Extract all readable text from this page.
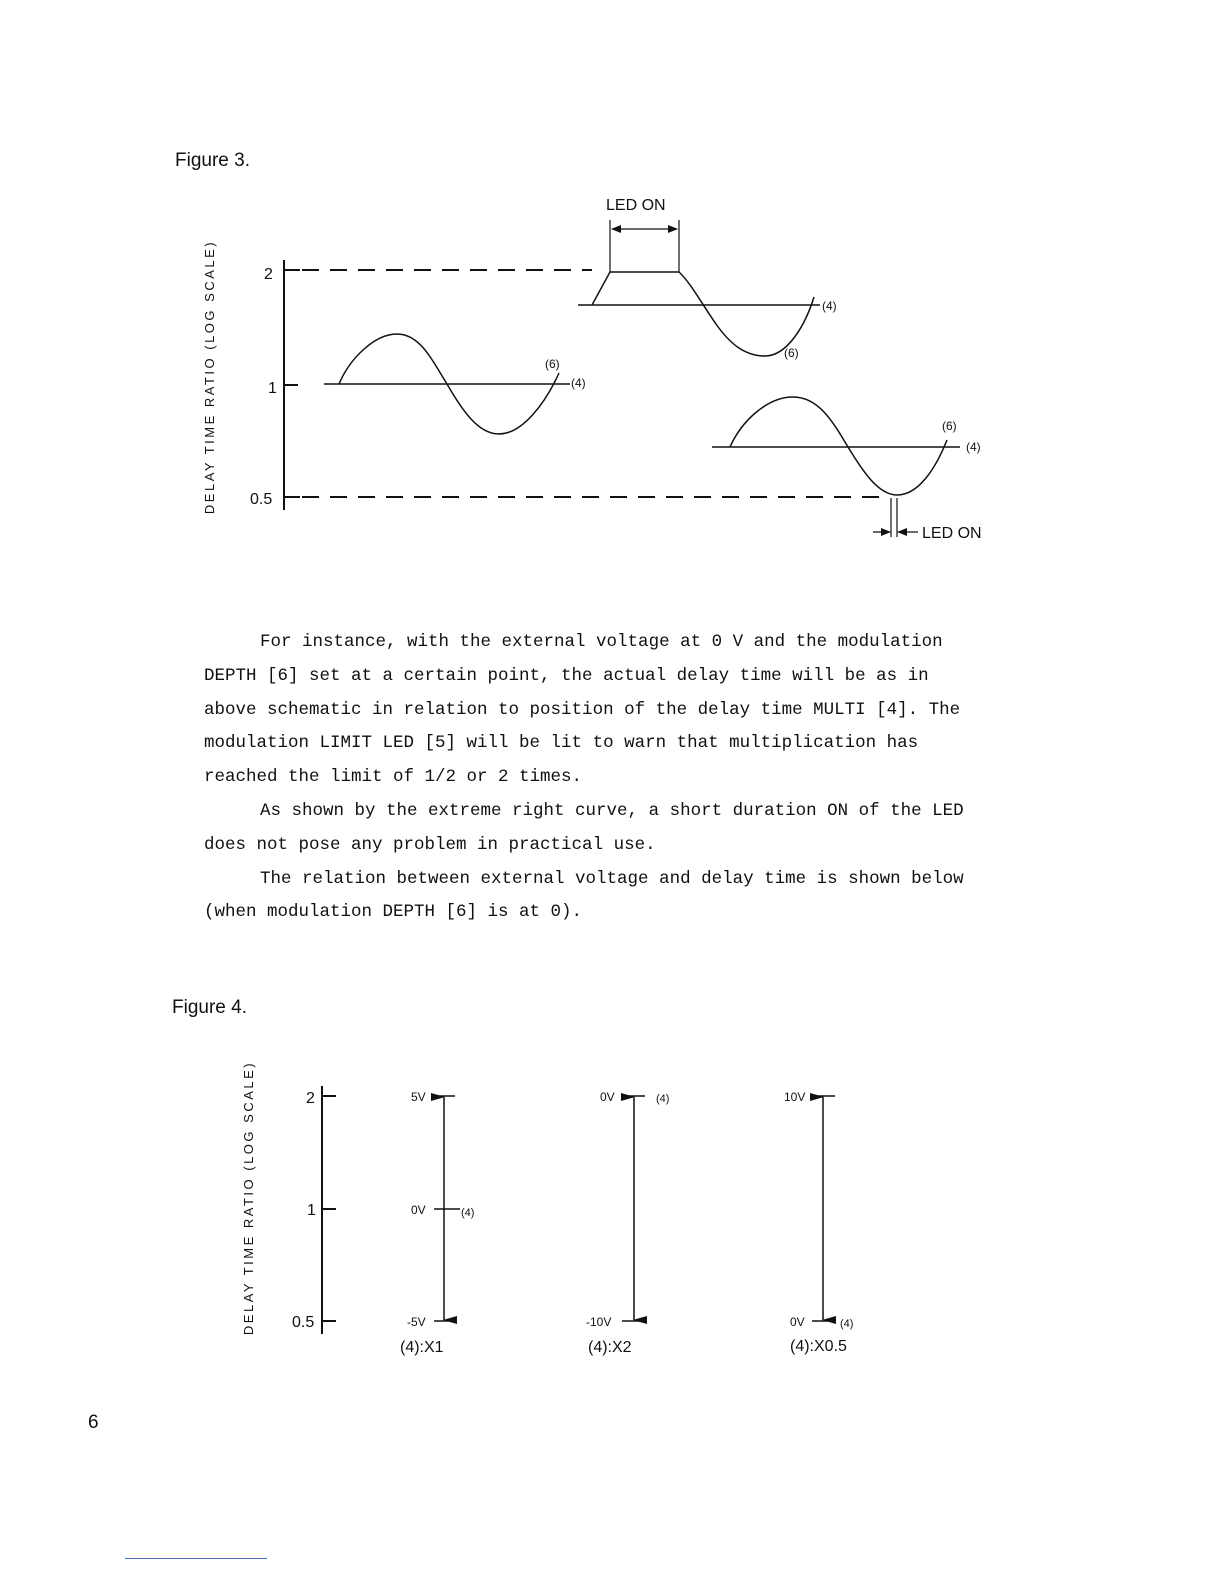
Figure 3.
DELAY TIME RATIO (LOG SCALE)	2
1
0.5
(6)
(4)
LED ON
(4)
(6)
(6)
(4)
LED ON

For instance, with the external voltage at 0 V and the modulation

DEPTH [6] set at a certain point, the actual delay time will be as in

above schematic in relation to position of the delay time MULTI [4]. The

modulation LIMIT LED [5] will be lit to warn that multiplication has

reached the limit of 1/2 or 2 times.

As shown by the extreme right curve, a short duration ON of the LED

does not pose any problem in practical use.

The relation between external voltage and delay time is shown below

(when modulation DEPTH [6] is at 0).

Figure 4.
DELAY TIME RATIO (LOG SCALE)	2
1
0.5
5V
0V	(4)
-5V
(4):X1
0V	(4)
-10V
(4):X2
10V
0V	(4)
(4):X0.5
6
